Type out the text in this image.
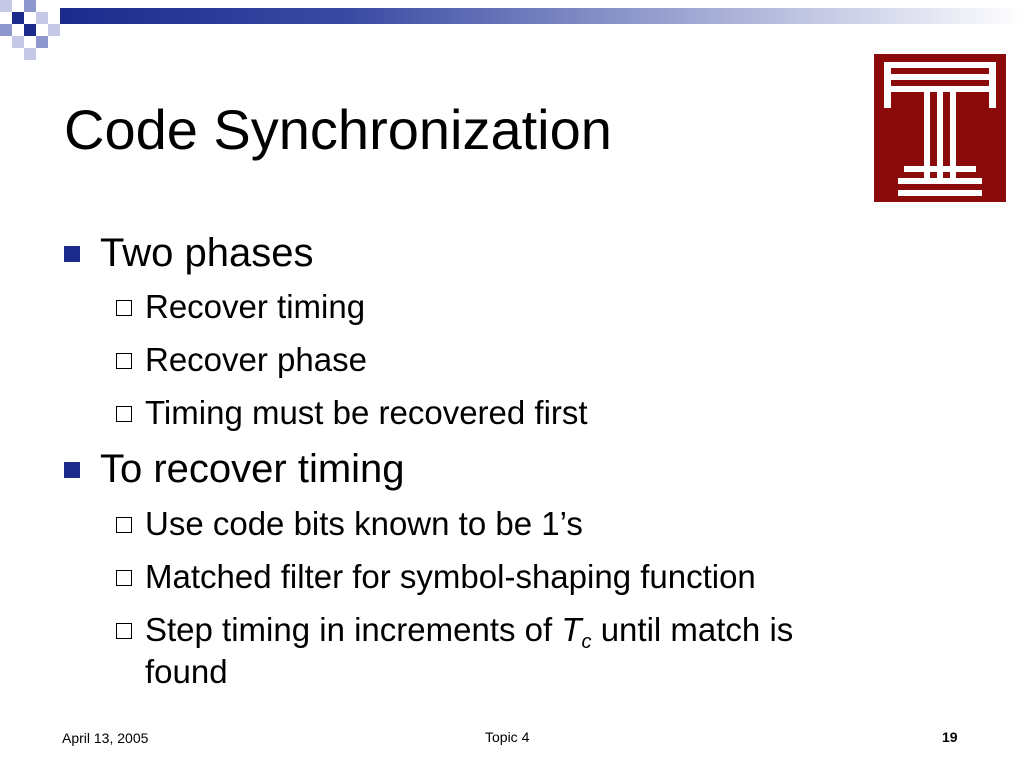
Code Synchronization
Two phases
Recover timing
Recover phase
Timing must be recovered first
To recover timing
Use code bits known to be 1’s
Matched filter for symbol-shaping function
Step timing in increments of $T_c$ until match is
found
April 13, 2005	Topic 4	19
